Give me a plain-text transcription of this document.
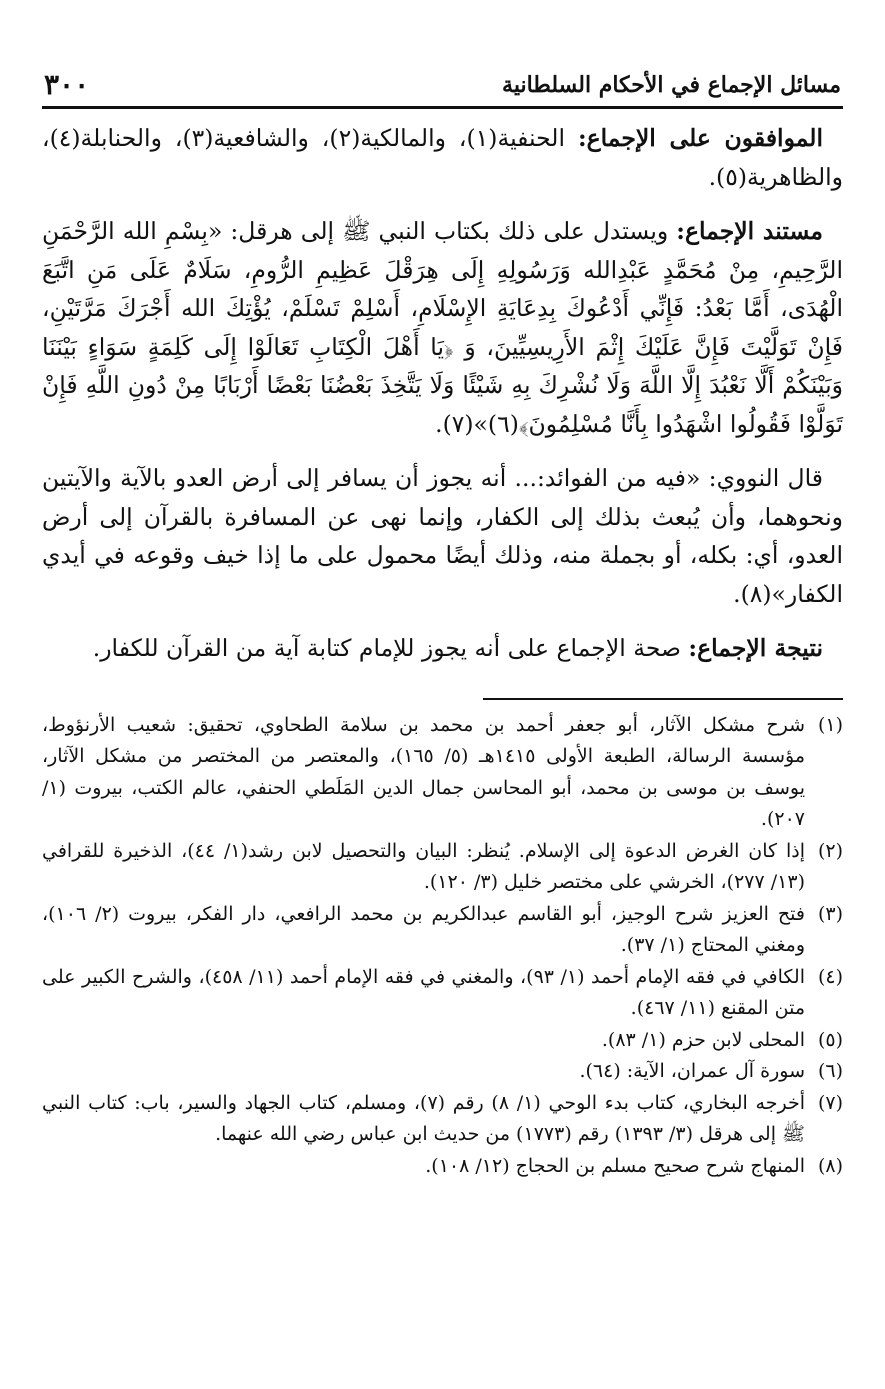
مسائل الإجماع في الأحكام السلطانية
٣٠٠

الموافقون على الإجماع: الحنفية(١)، والمالكية(٢)، والشافعية(٣)، والحنابلة(٤)، والظاهرية(٥).

مستند الإجماع: ويستدل على ذلك بكتاب النبي ﷺ إلى هرقل: «بِسْمِ الله الرَّحْمَنِ الرَّحِيمِ، مِنْ مُحَمَّدٍ عَبْدِالله وَرَسُولِهِ إِلَى هِرَقْلَ عَظِيمِ الرُّومِ، سَلَامٌ عَلَى مَنِ اتَّبَعَ الْهُدَى، أَمَّا بَعْدُ: فَإِنِّي أَدْعُوكَ بِدِعَايَةِ الإِسْلَامِ، أَسْلِمْ تَسْلَمْ، يُؤْتِكَ الله أَجْرَكَ مَرَّتَيْنِ، فَإِنْ تَوَلَّيْتَ فَإِنَّ عَلَيْكَ إِثْمَ الأَرِيسِيِّينَ، وَ ﴿يَا أَهْلَ الْكِتَابِ تَعَالَوْا إِلَى كَلِمَةٍ سَوَاءٍ بَيْنَنَا وَبَيْنَكُمْ أَلَّا نَعْبُدَ إِلَّا اللَّهَ وَلَا نُشْرِكَ بِهِ شَيْئًا وَلَا يَتَّخِذَ بَعْضُنَا بَعْضًا أَرْبَابًا مِنْ دُونِ اللَّهِ فَإِنْ تَوَلَّوْا فَقُولُوا اشْهَدُوا بِأَنَّا مُسْلِمُونَ﴾(٦)»(٧).

قال النووي: «فيه من الفوائد:... أنه يجوز أن يسافر إلى أرض العدو بالآية والآيتين ونحوهما، وأن يُبعث بذلك إلى الكفار، وإنما نهى عن المسافرة بالقرآن إلى أرض العدو، أي: بكله، أو بجملة منه، وذلك أيضًا محمول على ما إذا خيف وقوعه في أيدي الكفار»(٨).

نتيجة الإجماع: صحة الإجماع على أنه يجوز للإمام كتابة آية من القرآن للكفار.

(١)
شرح مشكل الآثار، أبو جعفر أحمد بن محمد بن سلامة الطحاوي، تحقيق: شعيب الأرنؤوط، مؤسسة الرسالة، الطبعة الأولى ١٤١٥هـ (٥/ ١٦٥)، والمعتصر من المختصر من مشكل الآثار، يوسف بن موسى بن محمد، أبو المحاسن جمال الدين المَلَطي الحنفي، عالم الكتب، بيروت (١/ ٢٠٧).
(٢)
إذا كان الغرض الدعوة إلى الإسلام. يُنظر: البيان والتحصيل لابن رشد(١/ ٤٤)، الذخيرة للقرافي (١٣/ ٢٧٧)، الخرشي على مختصر خليل (٣/ ١٢٠).
(٣)
فتح العزيز شرح الوجيز، أبو القاسم عبدالكريم بن محمد الرافعي، دار الفكر، بيروت (٢/ ١٠٦)، ومغني المحتاج (١/ ٣٧).
(٤)
الكافي في فقه الإمام أحمد (١/ ٩٣)، والمغني في فقه الإمام أحمد (١١/ ٤٥٨)، والشرح الكبير على متن المقنع (١١/ ٤٦٧).
(٥)
المحلى لابن حزم (١/ ٨٣).
(٦)
سورة آل عمران، الآية: (٦٤).
(٧)
أخرجه البخاري، كتاب بدء الوحي (١/ ٨) رقم (٧)، ومسلم، كتاب الجهاد والسير، باب: كتاب النبي ﷺ إلى هرقل (٣/ ١٣٩٣) رقم (١٧٧٣) من حديث ابن عباس رضي الله عنهما.
(٨)
المنهاج شرح صحيح مسلم بن الحجاج (١٢/ ١٠٨).
